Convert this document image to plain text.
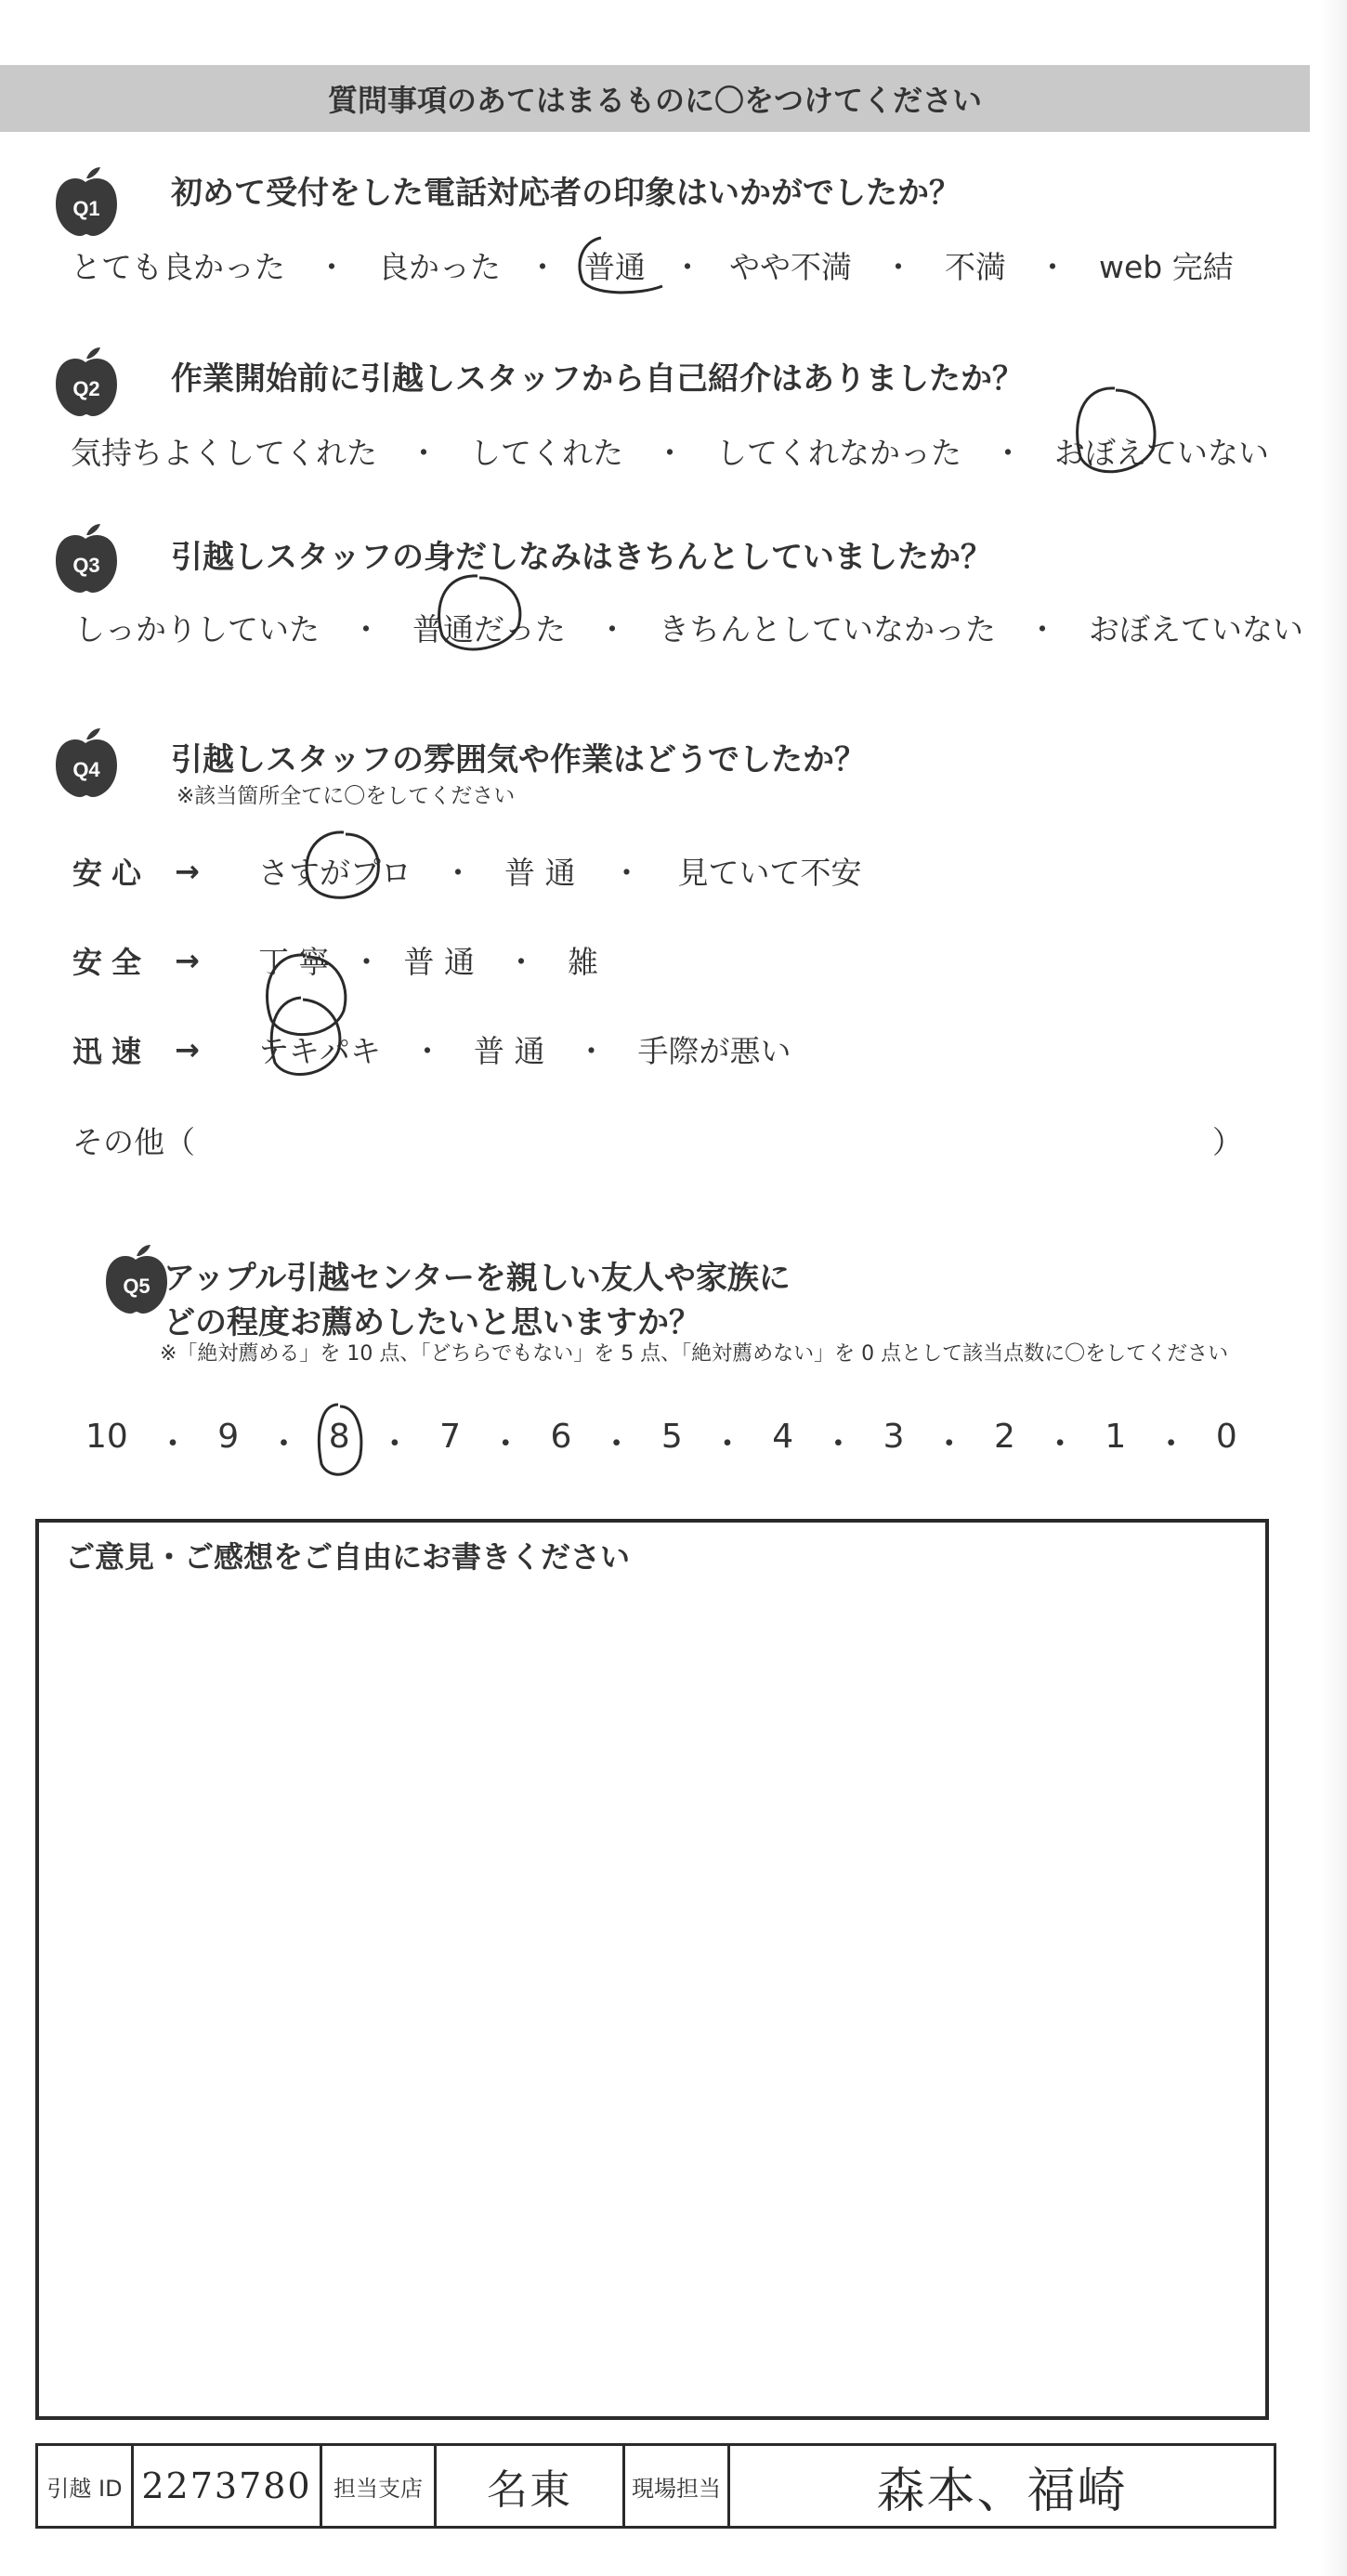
質問事項のあてはまるものに〇をつけてください
Q1 初めて受付をした電話対応者の印象はいかがでしたか？
とても良かった	・	良かった ・ 普通 ・ やや不満	・	不満	・	web 完結
Q2 作業開始前に引越しスタッフから自己紹介はありましたか？
気持ちよくしてくれた	・	してくれた	・	してくれなかった	・	おぼえていない
Q3 引越しスタッフの身だしなみはきちんとしていましたか？
しっかりしていた	・	普通だった	・	きちんとしていなかった	・	おぼえていない
Q4 引越しスタッフの雰囲気や作業はどうでしたか？
※該当箇所全てに〇をしてください
安心 →	さすがプロ	・	普 通	・	見ていて不安
安全 →	丁 寧 ・ 普 通	・	雑
迅速 →	テキパキ	・	普 通	・	手際が悪い
その他（	）
Q5 アップル引越センターを親しい友人や家族に
どの程度お薦めしたいと思いますか？
※「絶対薦める」を 10 点、「どちらでもない」を 5 点、「絶対薦めない」を 0 点として該当点数に〇をしてください
10 ・ 9 ・ 8 ・ 7 ・ 6 ・ 5 ・ 4 ・ 3 ・ 2 ・ 1 ・ 0
ご意見・ご感想をご自由にお書きください
引越 ID 2273780 担当支店	名東	現場担当	森本、福崎
